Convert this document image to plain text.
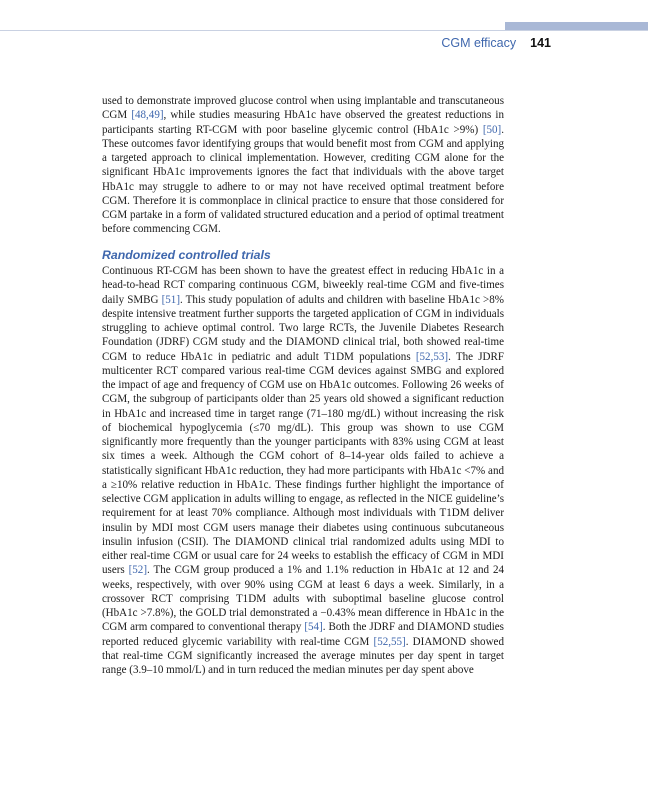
CGM efficacy 141

used to demonstrate improved glucose control when using implantable and transcutaneous CGM [48,49], while studies measuring HbA1c have observed the greatest reductions in participants starting RT-CGM with poor baseline glycemic control (HbA1c >9%) [50]. These outcomes favor identifying groups that would benefit most from CGM and applying a targeted approach to clinical implementation. However, crediting CGM alone for the significant HbA1c improvements ignores the fact that individuals with the above target HbA1c may struggle to adhere to or may not have received optimal treatment before CGM. Therefore it is commonplace in clinical practice to ensure that those considered for CGM partake in a form of validated structured education and a period of optimal treatment before commencing CGM.

Randomized controlled trials

Continuous RT-CGM has been shown to have the greatest effect in reducing HbA1c in a head-to-head RCT comparing continuous CGM, biweekly real-time CGM and five-times daily SMBG [51]. This study population of adults and children with baseline HbA1c >8% despite intensive treatment further supports the targeted application of CGM in individuals struggling to achieve optimal control. Two large RCTs, the Juvenile Diabetes Research Foundation (JDRF) CGM study and the DIAMOND clinical trial, both showed real-time CGM to reduce HbA1c in pediatric and adult T1DM populations [52,53]. The JDRF multicenter RCT compared various real-time CGM devices against SMBG and explored the impact of age and frequency of CGM use on HbA1c outcomes. Following 26 weeks of CGM, the subgroup of participants older than 25 years old showed a significant reduction in HbA1c and increased time in target range (71–180 mg/dL) without increasing the risk of biochemical hypoglycemia (≤70 mg/dL). This group was shown to use CGM significantly more frequently than the younger participants with 83% using CGM at least six times a week. Although the CGM cohort of 8–14-year olds failed to achieve a statistically significant HbA1c reduction, they had more participants with HbA1c <7% and a ≥10% relative reduction in HbA1c. These findings further highlight the importance of selective CGM application in adults willing to engage, as reflected in the NICE guideline’s requirement for at least 70% compliance. Although most individuals with T1DM deliver insulin by MDI most CGM users manage their diabetes using continuous subcutaneous insulin infusion (CSII). The DIAMOND clinical trial randomized adults using MDI to either real-time CGM or usual care for 24 weeks to establish the efficacy of CGM in MDI users [52]. The CGM group produced a 1% and 1.1% reduction in HbA1c at 12 and 24 weeks, respectively, with over 90% using CGM at least 6 days a week. Similarly, in a crossover RCT comprising T1DM adults with suboptimal baseline glucose control (HbA1c >7.8%), the GOLD trial demonstrated a −0.43% mean difference in HbA1c in the CGM arm compared to conventional therapy [54]. Both the JDRF and DIAMOND studies reported reduced glycemic variability with real-time CGM [52,55]. DIAMOND showed that real-time CGM significantly increased the average minutes per day spent in target range (3.9–10 mmol/L) and in turn reduced the median minutes per day spent above
